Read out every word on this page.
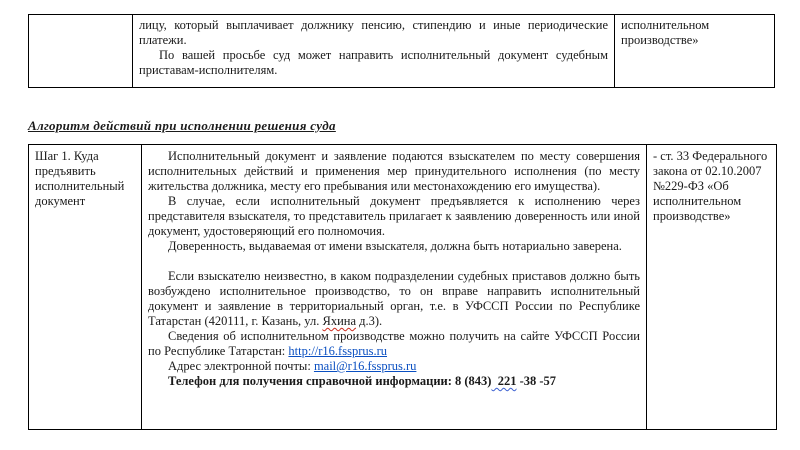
лицу, который выплачивает должнику пенсию, стипендию и иные периодические платежи.

По вашей просьбе суд может направить исполнительный документ судебным приставам-исполнителям.

исполнительном производстве»

Алгоритм действий при исполнении решения суда

Шаг 1. Куда предъявить исполнительный документ

Исполнительный документ и заявление подаются взыскателем по месту совершения исполнительных действий и применения мер принудительного исполнения (по месту жительства должника, месту его пребывания или местонахождению его имущества).

В случае, если исполнительный документ предъявляется к исполнению через представителя взыскателя, то представитель прилагает к заявлению доверенность или иной документ, удостоверяющий его полномочия.

Доверенность, выдаваемая от имени взыскателя, должна быть нотариально заверена.

Если взыскателю неизвестно, в каком подразделении судебных приставов должно быть возбуждено исполнительное производство, то он вправе направить исполнительный документ и заявление в территориальный орган, т.е. в УФССП России по Республике Татарстан (420111, г. Казань, ул. Яхина д.3).

Сведения об исполнительном производстве можно получить на сайте УФССП России по Республике Татарстан: http://r16.fssprus.ru

Адрес электронной почты: mail@r16.fssprus.ru

Телефон для получения справочной информации: 8 (843)  221 -38 -57

- ст. 33 Федерального закона от 02.10.2007 №229-ФЗ «Об исполнительном производстве»
